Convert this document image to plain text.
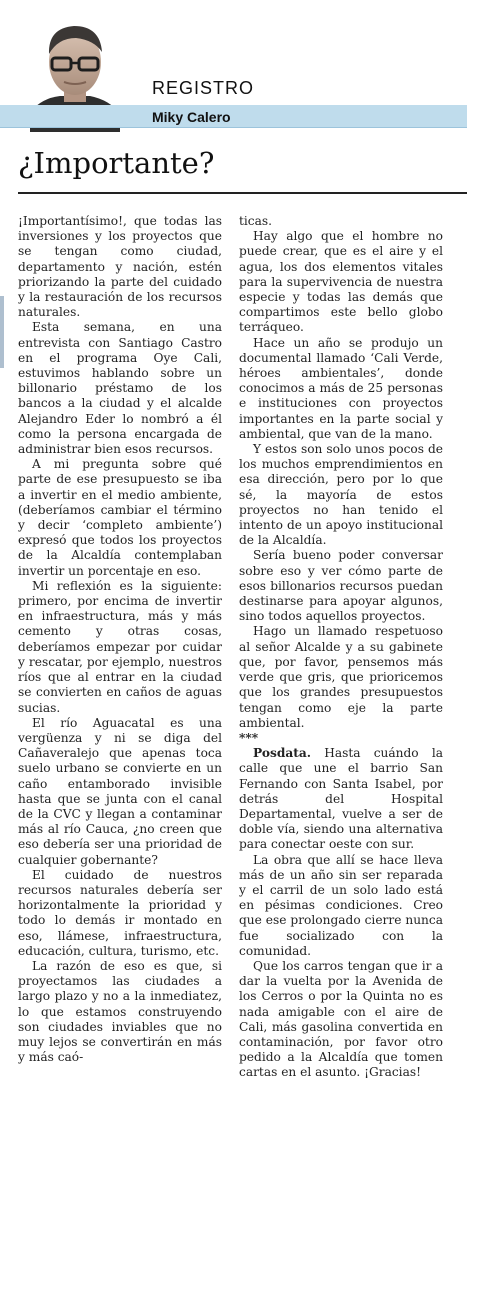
REGISTRO
Miky Calero
¿Importante?

¡Importantísimo!, que todas las inversiones y los proyectos que se tengan como ciudad, departamento y nación, estén priorizando la parte del cuidado y la restauración de los recursos naturales.

Esta semana, en una entrevista con Santiago Castro en el programa Oye Cali, estuvimos hablando sobre un billonario préstamo de los bancos a la ciudad y el alcalde Alejandro Eder lo nombró a él como la persona encargada de administrar bien esos recursos.

A mi pregunta sobre qué parte de ese presupuesto se iba a invertir en el medio ambiente, (deberíamos cambiar el término y decir ‘completo ambiente’) expresó que todos los proyectos de la Alcaldía contemplaban invertir un porcentaje en eso.

Mi reflexión es la siguiente: primero, por encima de invertir en infraestructura, más y más cemento y otras cosas, deberíamos empezar por cuidar y rescatar, por ejemplo, nuestros ríos que al entrar en la ciudad se convierten en caños de aguas sucias.

El río Aguacatal es una vergüenza y ni se diga del Cañaveralejo que apenas toca suelo urbano se convierte en un caño entamborado invisible hasta que se junta con el canal de la CVC y llegan a contaminar más al río Cauca, ¿no creen que eso debería ser una prioridad de cualquier gobernante?

El cuidado de nuestros recursos naturales debería ser horizontalmente la prioridad y todo lo demás ir montado en eso, llámese, infraestructura, educación, cultura, turismo, etc.

La razón de eso es que, si proyectamos las ciudades a largo plazo y no a la inmediatez, lo que estamos construyendo son ciudades inviables que no muy lejos se convertirán en más y más caó-

ticas.

Hay algo que el hombre no puede crear, que es el aire y el agua, los dos elementos vitales para la supervivencia de nuestra especie y todas las demás que compartimos este bello globo terráqueo.

Hace un año se produjo un documental llamado ‘Cali Verde, héroes ambientales’, donde conocimos a más de 25 personas e instituciones con proyectos importantes en la parte social y ambiental, que van de la mano.

Y estos son solo unos pocos de los muchos emprendimientos en esa dirección, pero por lo que sé, la mayoría de estos proyectos no han tenido el intento de un apoyo institucional de la Alcaldía.

Sería bueno poder conversar sobre eso y ver cómo parte de esos billonarios recursos puedan destinarse para apoyar algunos, sino todos aquellos proyectos.

Hago un llamado respetuoso al señor Alcalde y a su gabinete que, por favor, pensemos más verde que gris, que prioricemos que los grandes presupuestos tengan como eje la parte ambiental.

***

Posdata. Hasta cuándo la calle que une el barrio San Fernando con Santa Isabel, por detrás del Hospital Departamental, vuelve a ser de doble vía, siendo una alternativa para conectar oeste con sur.

La obra que allí se hace lleva más de un año sin ser reparada y el carril de un solo lado está en pésimas condiciones. Creo que ese prolongado cierre nunca fue socializado con la comunidad.

Que los carros tengan que ir a dar la vuelta por la Avenida de los Cerros o por la Quinta no es nada amigable con el aire de Cali, más gasolina convertida en contaminación, por favor otro pedido a la Alcaldía que tomen cartas en el asunto. ¡Gracias!
